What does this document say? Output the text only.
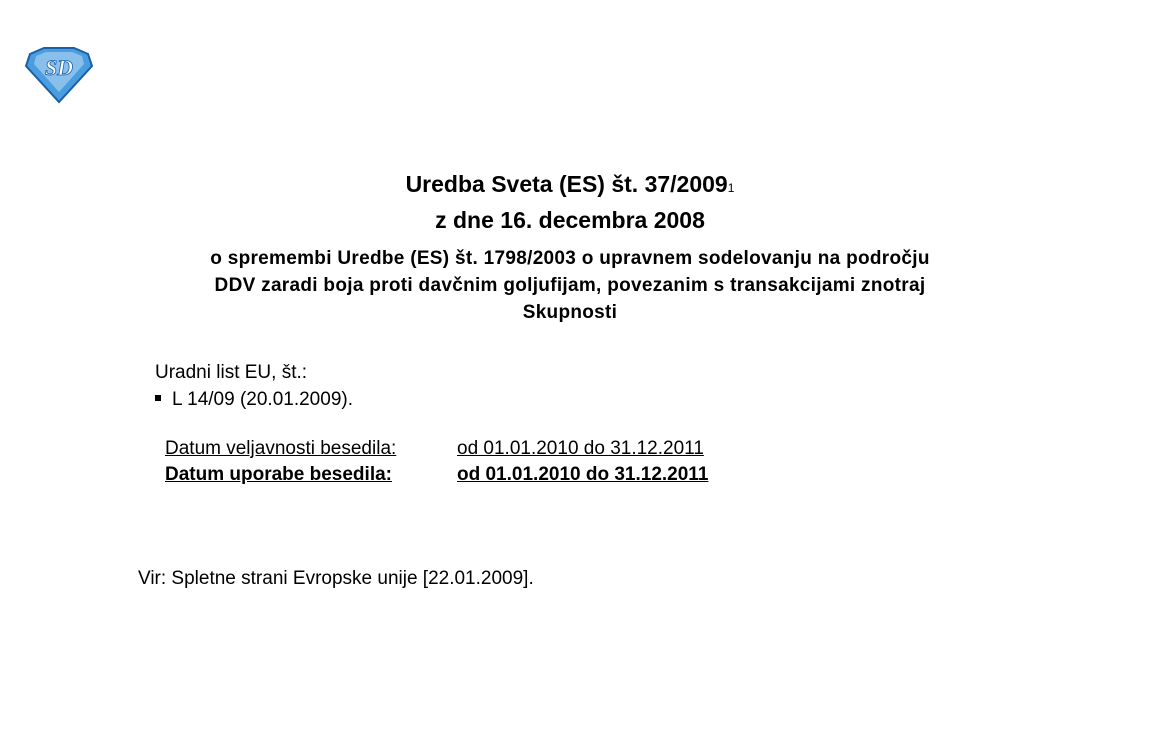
SD
Uredba Sveta (ES) št. 37/2009$^1$
z dne 16. decembra 2008
o spremembi Uredbe (ES) št. 1798/2003 o upravnem sodelovanju na področju
DDV zaradi boja proti davčnim goljufijam, povezanim s transakcijami znotraj
Skupnosti
Uradni list EU, št.:
L 14/09 (20.01.2009).
Datum veljavnosti besedila:	od 01.01.2010 do 31.12.2011
Datum uporabe besedila:	od 01.01.2010 do 31.12.2011
Vir: Spletne strani Evropske unije [22.01.2009].
